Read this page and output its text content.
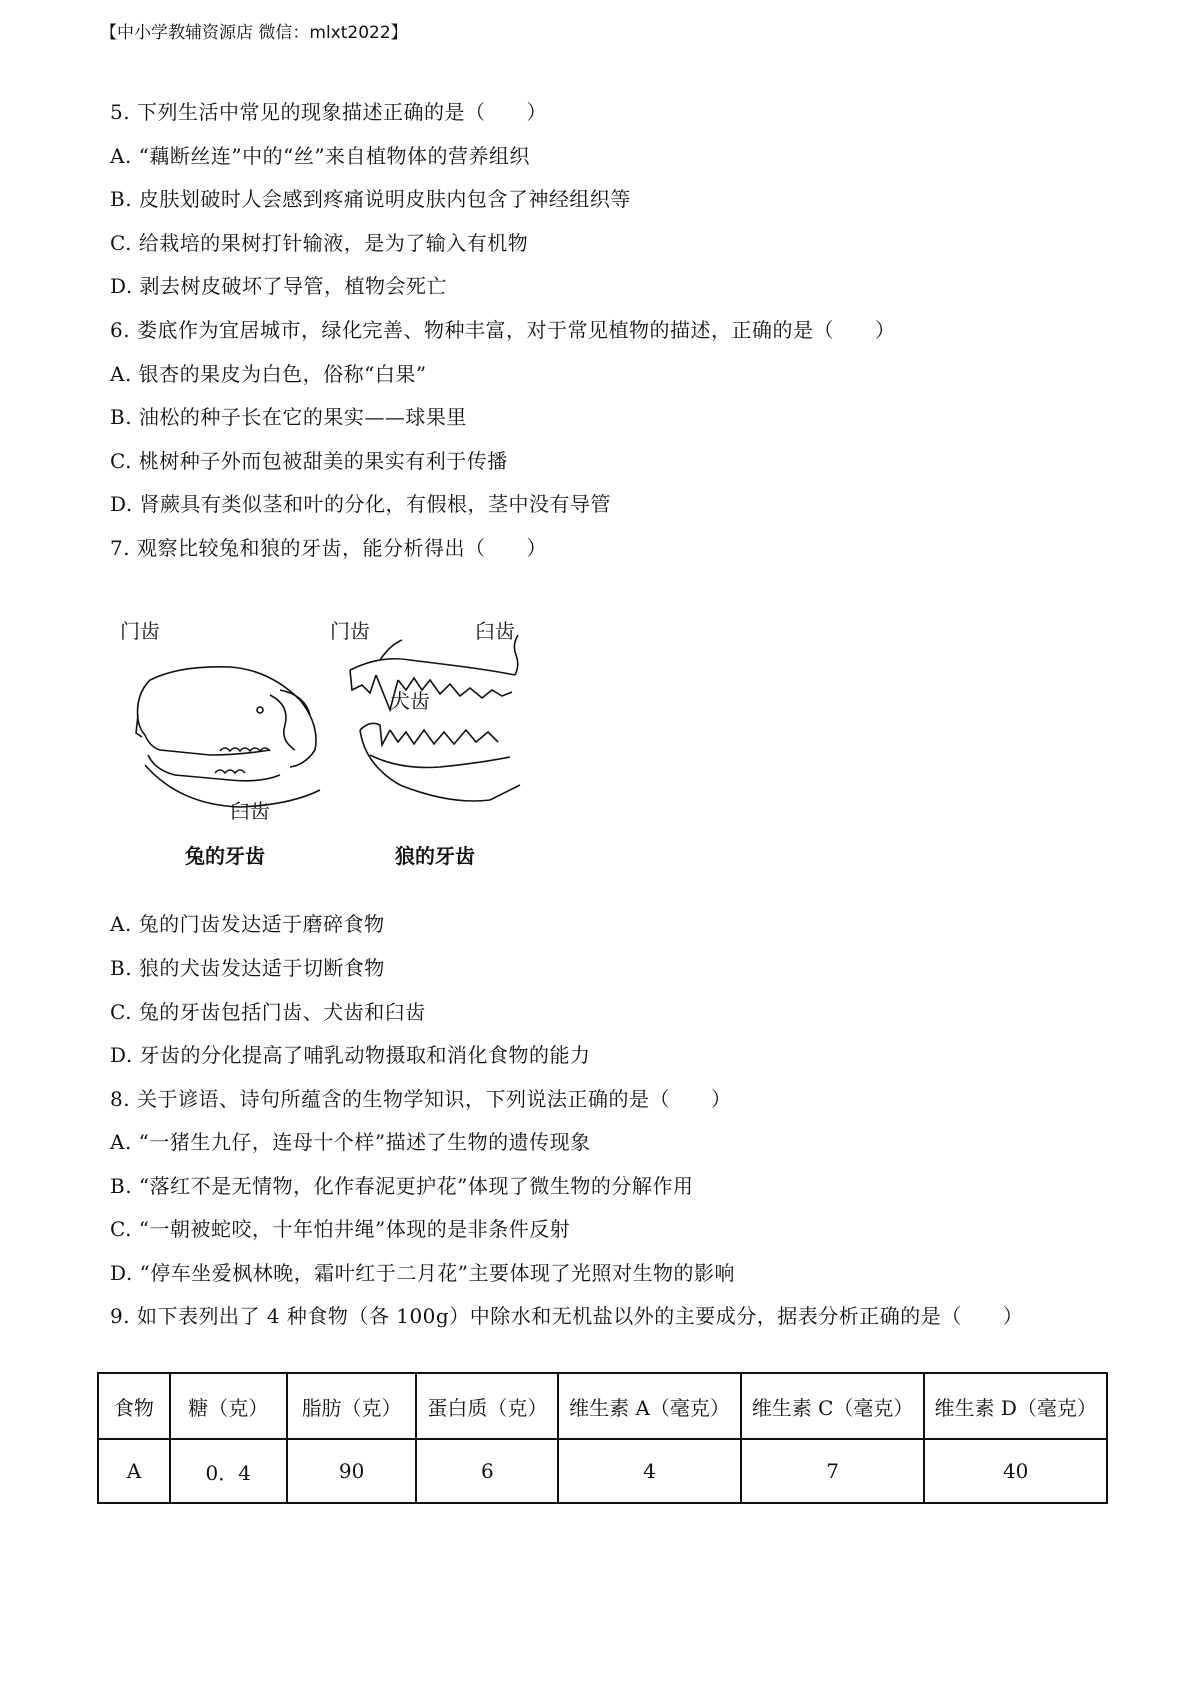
【中小学教辅资源店 微信：mlxt2022】
5. 下列生活中常见的现象描述正确的是（　　）
A. “藕断丝连”中的“丝”来自植物体的营养组织
B. 皮肤划破时人会感到疼痛说明皮肤内包含了神经组织等
C. 给栽培的果树打针输液，是为了输入有机物
D. 剥去树皮破坏了导管，植物会死亡
6. 娄底作为宜居城市，绿化完善、物种丰富，对于常见植物的描述，正确的是（　　）
A. 银杏的果皮为白色，俗称“白果”
B. 油松的种子长在它的果实——球果里
C. 桃树种子外而包被甜美的果实有利于传播
D. 肾蕨具有类似茎和叶的分化，有假根，茎中没有导管
7. 观察比较兔和狼的牙齿，能分析得出（　　）
门齿
臼齿
兔的牙齿
门齿	臼齿
犬齿
狼的牙齿
A. 兔的门齿发达适于磨碎食物
B. 狼的犬齿发达适于切断食物
C. 兔的牙齿包括门齿、犬齿和臼齿
D. 牙齿的分化提高了哺乳动物摄取和消化食物的能力
8. 关于谚语、诗句所蕴含的生物学知识，下列说法正确的是（　　）
A. “一猪生九仔，连母十个样”描述了生物的遗传现象
B. “落红不是无情物，化作春泥更护花”体现了微生物的分解作用
C. “一朝被蛇咬，十年怕井绳”体现的是非条件反射
D. “停车坐爱枫林晚，霜叶红于二月花”主要体现了光照对生物的影响
9. 如下表列出了 4 种食物（各 100g）中除水和无机盐以外的主要成分，据表分析正确的是（　　）
食物	糖（克）	脂肪（克）	蛋白质（克）	维生素 A（毫克）	维生素 C（毫克）	维生素 D（毫克）
A	0．4	90	6	4	7	40
